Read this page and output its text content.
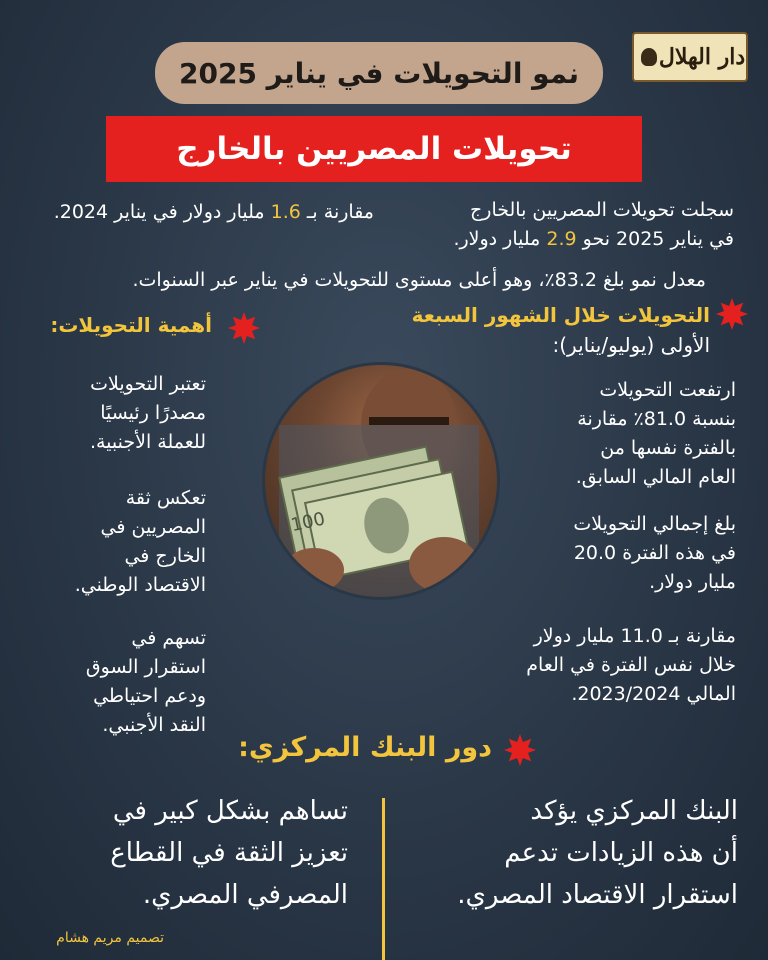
دار الهلال
نمو التحويلات في يناير 2025
تحويلات المصريين بالخارج
سجلت تحويلات المصريين بالخارج
في يناير 2025 نحو 2.9 مليار دولار.
مقارنة بـ 1.6 مليار دولار في يناير 2024.
معدل نمو بلغ 83.2٪، وهو أعلى مستوى للتحويلات في يناير عبر السنوات.
التحويلات خلال الشهور السبعة
الأولى (يوليو/يناير):
أهمية التحويلات:
100
ارتفعت التحويلات
بنسبة 81.0٪ مقارنة
بالفترة نفسها من
العام المالي السابق.
بلغ إجمالي التحويلات
في هذه الفترة 20.0
مليار دولار.
مقارنة بـ 11.0 مليار دولار
خلال نفس الفترة في العام
المالي 2023/2024.
تعتبر التحويلات
مصدرًا رئيسيًا
للعملة الأجنبية.
تعكس ثقة
المصريين في
الخارج في
الاقتصاد الوطني.
تسهم في
استقرار السوق
ودعم احتياطي
النقد الأجنبي.
دور البنك المركزي:
البنك المركزي يؤكد
أن هذه الزيادات تدعم
استقرار الاقتصاد المصري.
تساهم بشكل كبير في
تعزيز الثقة في القطاع
المصرفي المصري.
تصميم مريم هشام
